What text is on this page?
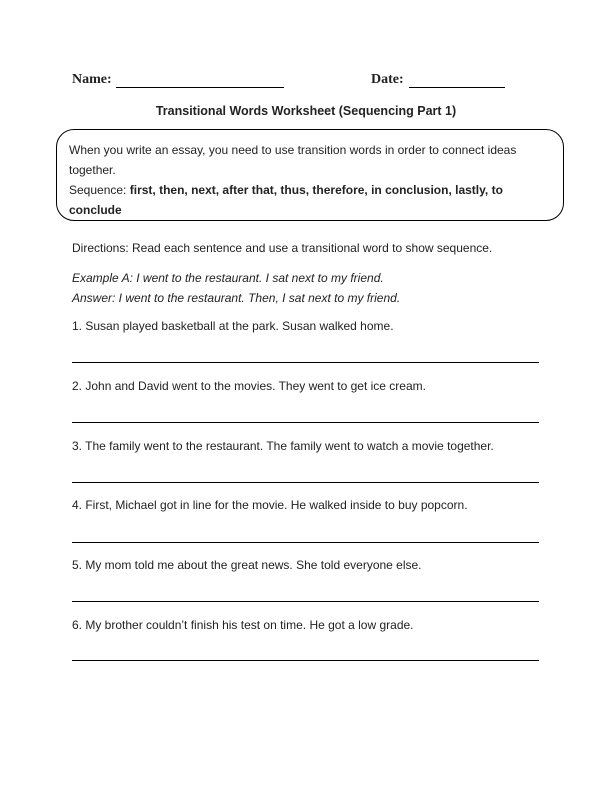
Name:	Date:
Transitional Words Worksheet (Sequencing Part 1)
When you write an essay, you need to use transition words in order to connect ideas
together.
Sequence: first, then, next, after that, thus, therefore, in conclusion, lastly, to
conclude
Directions: Read each sentence and use a transitional word to show sequence.
Example A: I went to the restaurant. I sat next to my friend.
Answer: I went to the restaurant. Then, I sat next to my friend.
1. Susan played basketball at the park. Susan walked home.
2. John and David went to the movies. They went to get ice cream.
3. The family went to the restaurant. The family went to watch a movie together.
4. First, Michael got in line for the movie. He walked inside to buy popcorn.
5. My mom told me about the great news. She told everyone else.
6. My brother couldn’t finish his test on time. He got a low grade.
